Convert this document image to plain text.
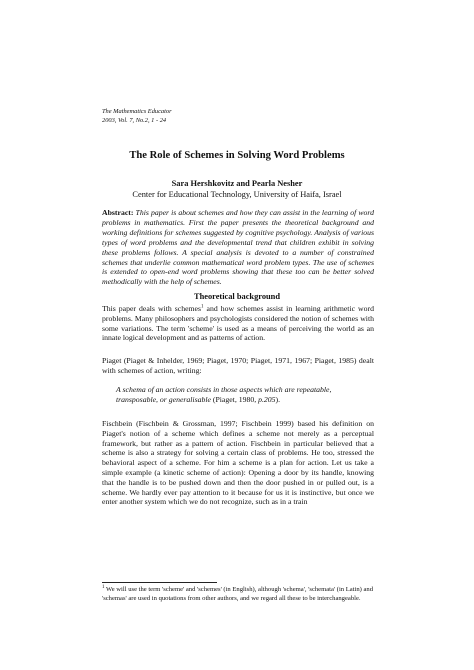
The Mathematics Educator
2003, Vol. 7, No.2, 1 - 24
The Role of Schemes in Solving Word Problems
Sara Hershkovitz and Pearla Nesher
Center for Educational Technology, University of Haifa, Israel
Abstract: This paper is about schemes and how they can assist in the learning of word problems in mathematics. First the paper presents the theoretical background and working definitions for schemes suggested by cognitive psychology. Analysis of various types of word problems and the developmental trend that children exhibit in solving these problems follows. A special analysis is devoted to a number of constrained schemes that underlie common mathematical word problem types. The use of schemes is extended to open-end word problems showing that these too can be better solved methodically with the help of schemes.
Theoretical background
This paper deals with schemes$^1$ and how schemes assist in learning arithmetic word problems. Many philosophers and psychologists considered the notion of schemes with some variations. The term 'scheme' is used as a means of perceiving the world as an innate logical development and as patterns of action.
Piaget (Piaget & Inhelder, 1969; Piaget, 1970; Piaget, 1971, 1967; Piaget, 1985) dealt with schemes of action, writing:
A schema of an action consists in those aspects which are repeatable, transposable, or generalisable (Piaget, 1980, p.205).
Fischbein (Fischbein & Grossman, 1997; Fischbein 1999) based his definition on Piaget's notion of a scheme which defines a scheme not merely as a perceptual framework, but rather as a pattern of action. Fischbein in particular believed that a scheme is also a strategy for solving a certain class of problems. He too, stressed the behavioral aspect of a scheme. For him a scheme is a plan for action. Let us take a simple example (a kinetic scheme of action): Opening a door by its handle, knowing that the handle is to be pushed down and then the door pushed in or pulled out, is a scheme. We hardly ever pay attention to it because for us it is instinctive, but once we enter another system which we do not recognize, such as in a train
$^1$ We will use the term 'scheme' and 'schemes' (in English), although 'schema', 'schemata' (in Latin) and 'schemas' are used in quotations from other authors, and we regard all these to be interchangeable.
